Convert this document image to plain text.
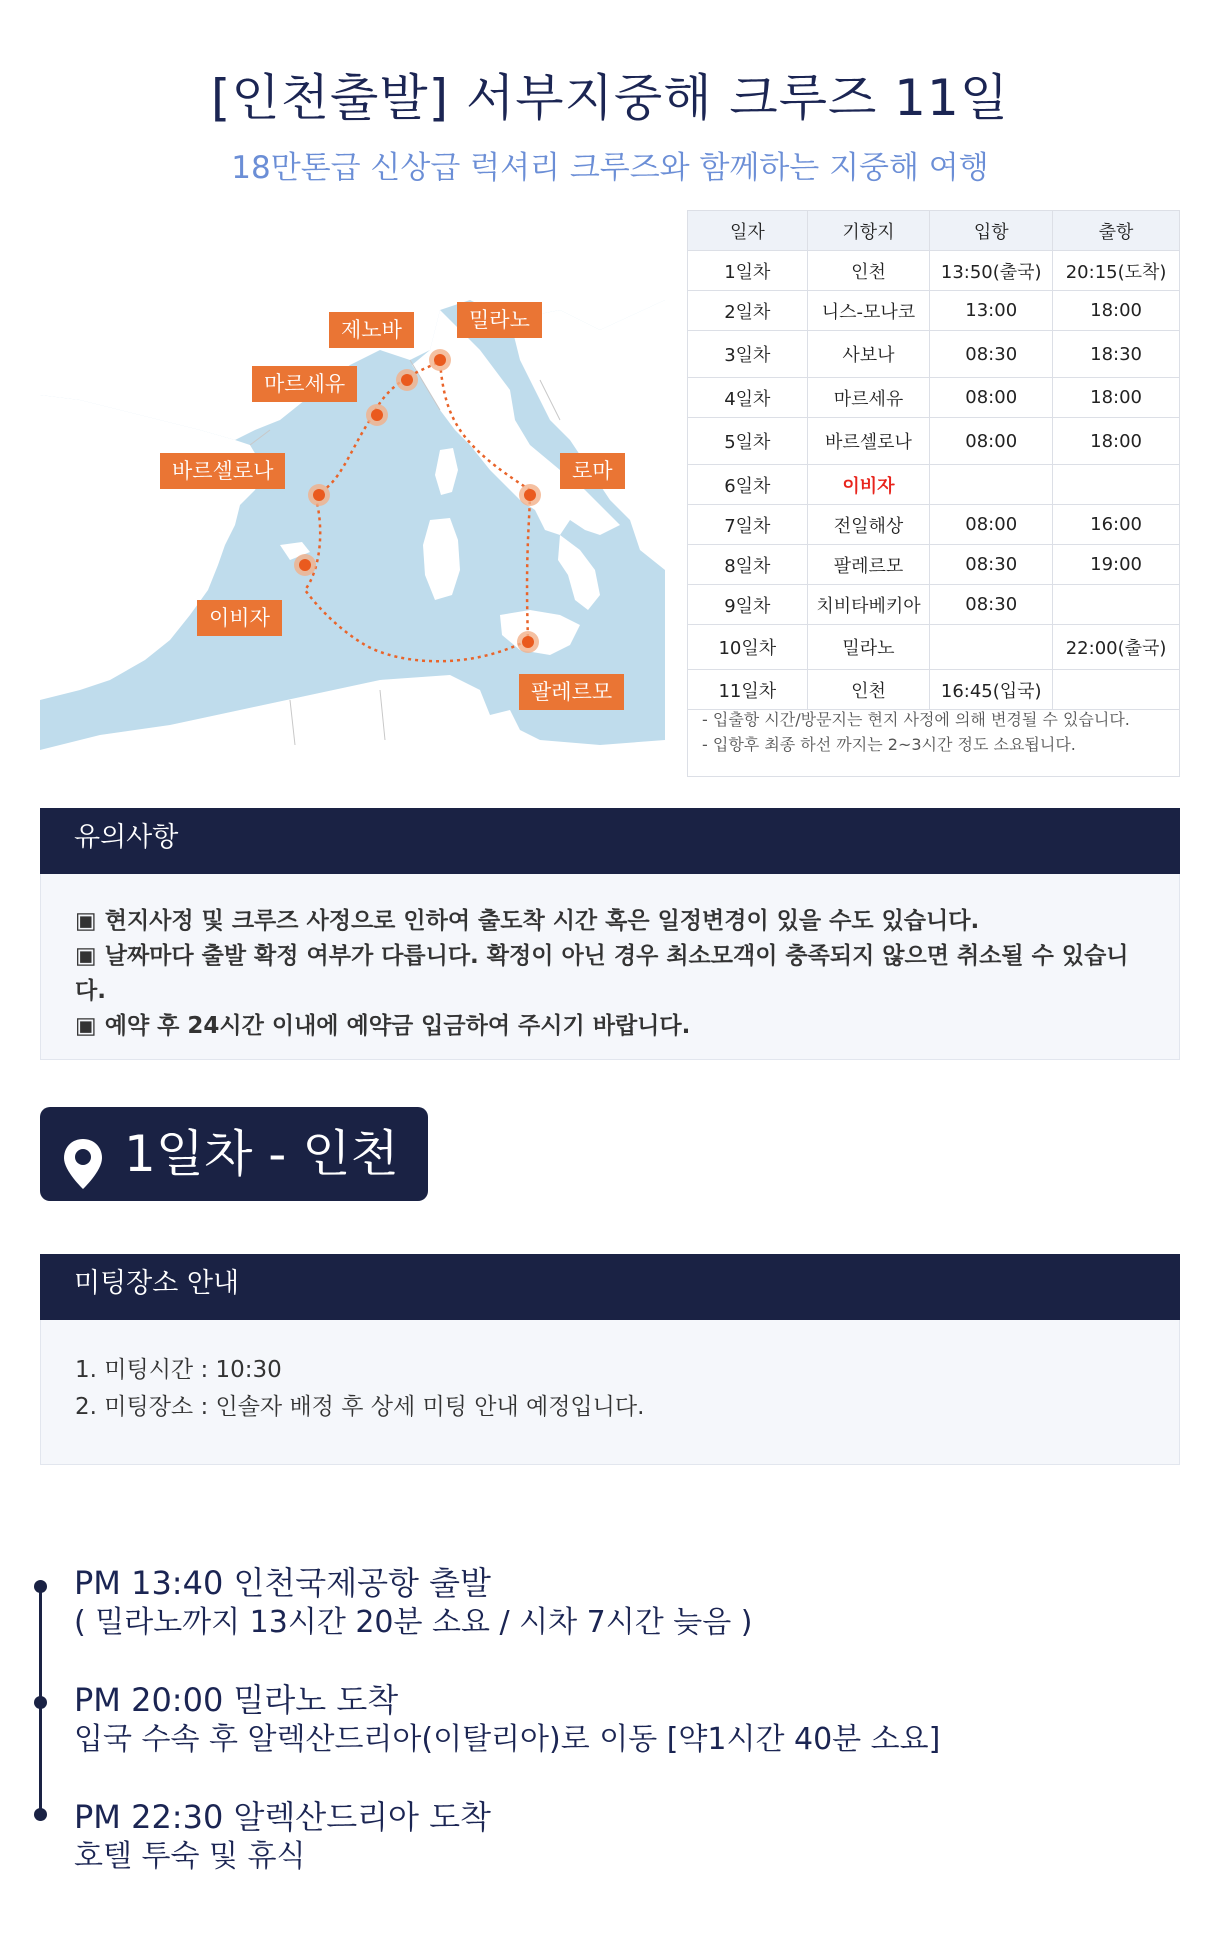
[인천출발] 서부지중해 크루즈 11일
18만톤급 신상급 럭셔리 크루즈와 함께하는 지중해 여행
제노바	밀라노
마르세유
바르셀로나	로마
이비자
팔레르모
일자	기항지	입항	출항
1일차	인천	13:50(출국)	20:15(도착)
2일차	니스-모나코	13:00	18:00
3일차	사보나	08:30	18:30
4일차	마르세유	08:00	18:00
5일차	바르셀로나	08:00	18:00
6일차	이비자		
7일차	전일해상	08:00	16:00
8일차	팔레르모	08:30	19:00
9일차	치비타베키아	08:30	
10일차	밀라노		22:00(출국)
11일차	인천	16:45(입국)	
- 입출항 시간/방문지는 현지 사정에 의해 변경될 수 있습니다.
- 입항후 최종 하선 까지는 2~3시간 정도 소요됩니다.
유의사항
▣ 현지사정 및 크루즈 사정으로 인하여 출도착 시간 혹은 일정변경이 있을 수도 있습니다.
▣ 날짜마다 출발 확정 여부가 다릅니다. 확정이 아닌 경우 최소모객이 충족되지 않으면 취소될 수 있습니다.
▣ 예약 후 24시간 이내에 예약금 입금하여 주시기 바랍니다.
1일차 - 인천
미팅장소 안내
1. 미팅시간 : 10:30
2. 미팅장소 : 인솔자 배정 후 상세 미팅 안내 예정입니다.
PM 13:40 인천국제공항 출발
( 밀라노까지 13시간 20분 소요 / 시차 7시간 늦음 )
PM 20:00 밀라노 도착
입국 수속 후 알렉산드리아(이탈리아)로 이동 [약1시간 40분 소요]
PM 22:30 알렉산드리아 도착
호텔 투숙 및 휴식
